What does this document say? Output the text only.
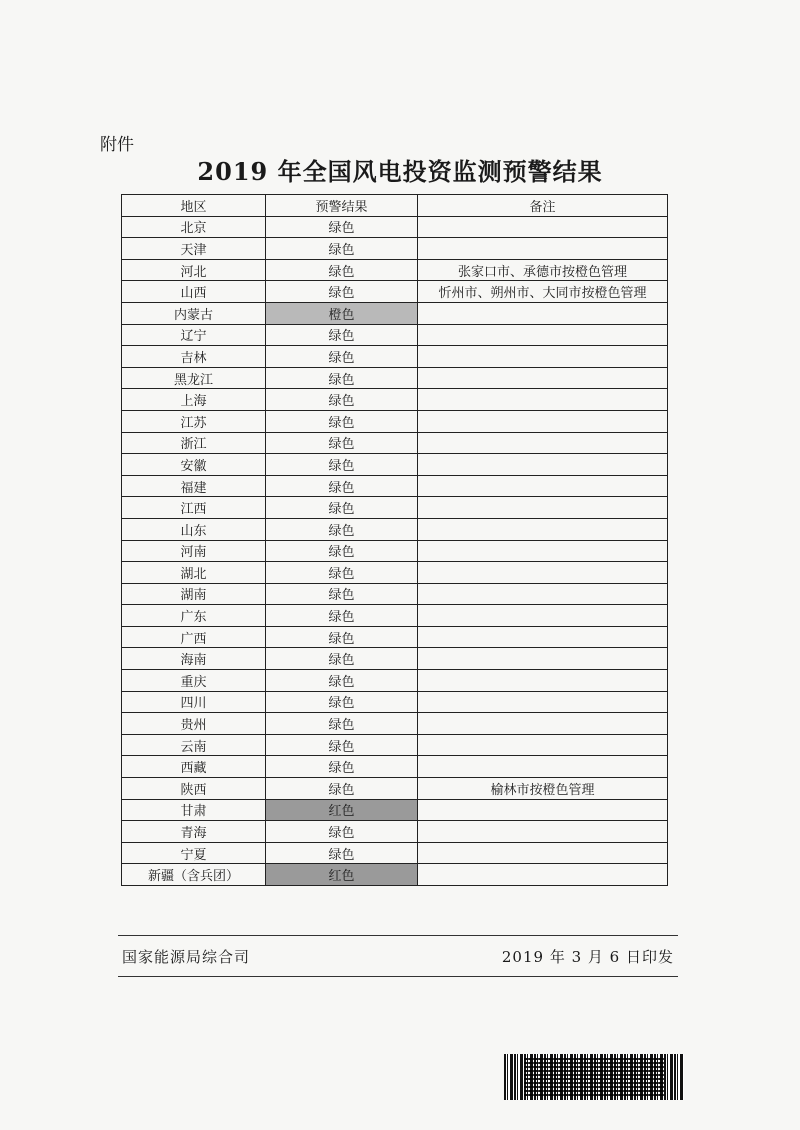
附件
2019 年全国风电投资监测预警结果
地区	预警结果	备注
北京	绿色	
天津	绿色	
河北	绿色	张家口市、承德市按橙色管理
山西	绿色	忻州市、朔州市、大同市按橙色管理
内蒙古	橙色	
辽宁	绿色	
吉林	绿色	
黑龙江	绿色	
上海	绿色	
江苏	绿色	
浙江	绿色	
安徽	绿色	
福建	绿色	
江西	绿色	
山东	绿色	
河南	绿色	
湖北	绿色	
湖南	绿色	
广东	绿色	
广西	绿色	
海南	绿色	
重庆	绿色	
四川	绿色	
贵州	绿色	
云南	绿色	
西藏	绿色	
陕西	绿色	榆林市按橙色管理
甘肃	红色	
青海	绿色	
宁夏	绿色	
新疆（含兵团）	红色	
国家能源局综合司	2019 年 3 月 6 日印发
